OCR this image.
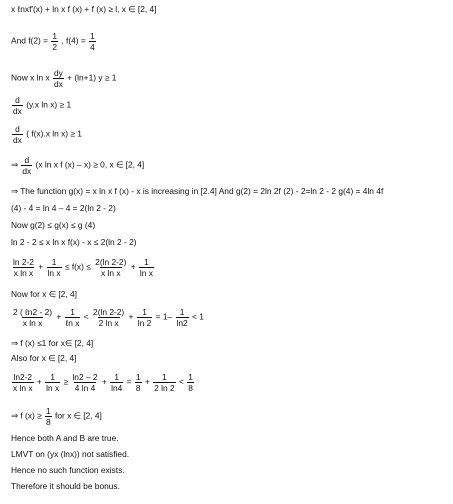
x ℓnxf′(x) + ln x f (x) + f (x) ≥ l, x ∈ [2, 4]
And $f(2) = \frac{1}{2}$ , $f(4) = \frac{1}{4}$
Now x ln x $\frac{dy}{dx} + (\ln+1) y \ge 1$
$\frac{d}{dx} (y.x$ ln x) ≥ 1
$\frac{d}{dx}$ ( f(x).x ln x) ≥ 1
⇒ $\frac{d}{dx} (x$ ln x f (x) – x) ≥ 0, x ∈ [2, 4]
⇒ The function g(x) = x ln x f (x) - x is increasing in [2.4] And g(2) = 2ln 2f (2) - 2=ln 2 - 2 g(4) = 4ln 4f
(4) - 4 = ln 4 – 4 = 2(ln 2 - 2)
Now g(2) ≤ g(x) ≤ g (4)
ln 2 - 2 ≤ x ln x f(x) - x ≤ 2(ln 2 - 2)
$\frac{\ln 2-2}{\text{x ln x}} + \frac{1}{\text{ln x}} \le f(x) \le \frac{2(\ln 2-2)}{\text{x ln x}} + \frac{1}{\text{ln x}}$
Now for x ∈ [2, 4]
$\frac{\text{2 ( ℓn2 - 2)}}{\text{x ln x}} + \frac{1}{\text{ℓn x}} < \frac{2(\ln 2-2)}{\text{2 ln x}} + \frac{1}{\ln 2} = 1- \frac{1}{\ln 2} < 1$
⇒ f (x) ≤1 for x∈ [2, 4]
Also for x ∈ [2, 4]
$\frac{\ln 2-2}{\text{x ln x}} + \frac{1}{\text{ln x}} \ge \frac{\ln 2 - 2}{4 \ln 4} + \frac{1}{\ln 4} = \frac{1}{8} + \frac{1}{2 \ln 2} < \frac{1}{8}$
⇒ f $(x) \ge \frac{1}{8}$ for x ∈ [2, 4]
Hence both A and B are true.
LMVT on (yx (lnx)) not satisfied.
Hence no such function exists.
Therefore it should be bonus.
